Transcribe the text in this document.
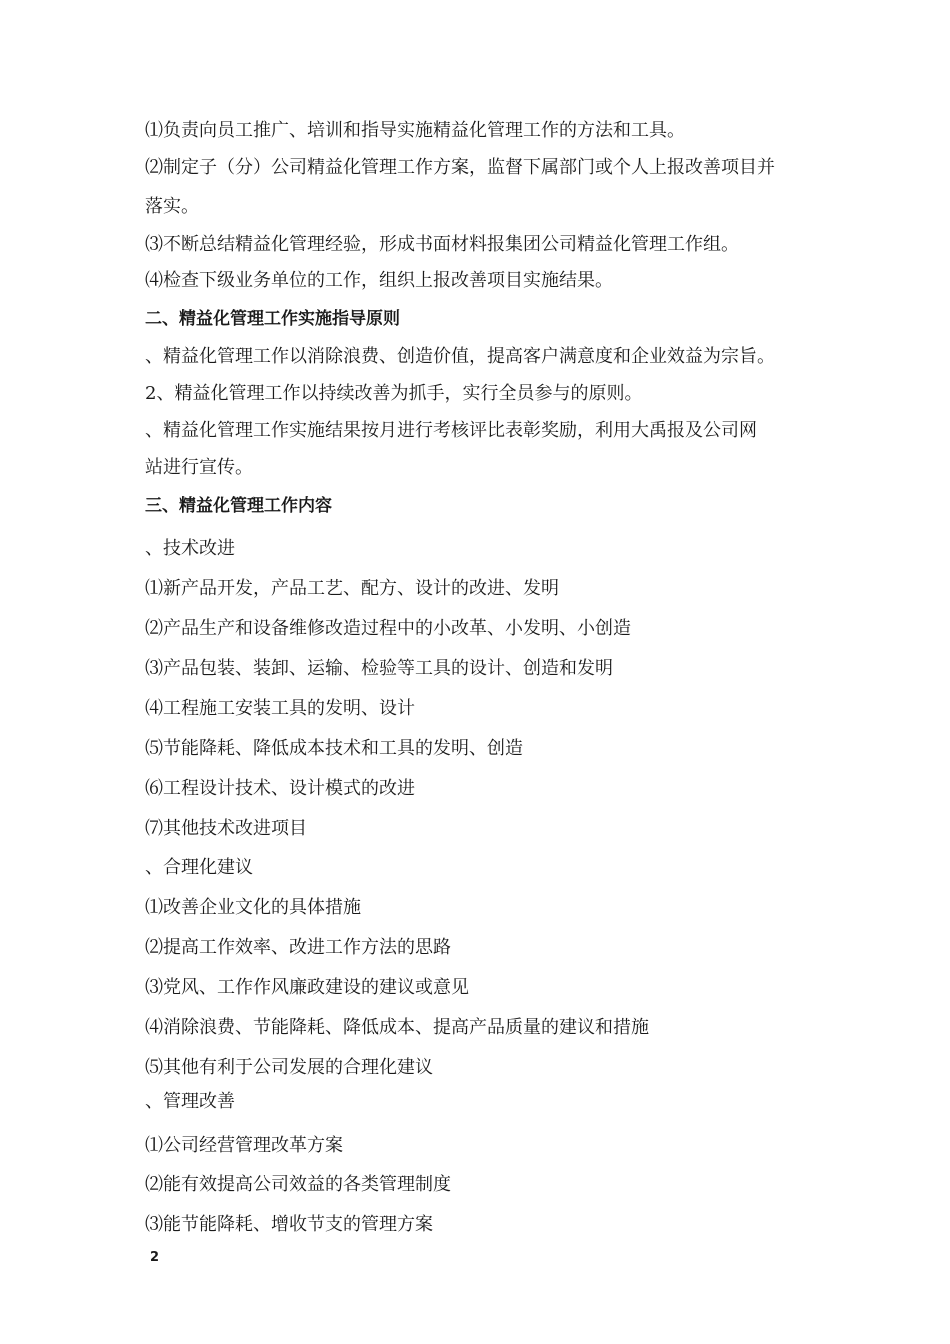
⑴负责向员工推广、培训和指导实施精益化管理工作的方法和工具。
⑵制定子（分）公司精益化管理工作方案，监督下属部门或个人上报改善项目并
落实。
⑶不断总结精益化管理经验，形成书面材料报集团公司精益化管理工作组。
⑷检查下级业务单位的工作，组织上报改善项目实施结果。
二、精益化管理工作实施指导原则
、精益化管理工作以消除浪费、创造价值，提高客户满意度和企业效益为宗旨。
2、精益化管理工作以持续改善为抓手，实行全员参与的原则。
、精益化管理工作实施结果按月进行考核评比表彰奖励，利用大禹报及公司网
站进行宣传。
三、精益化管理工作内容
、技术改进
⑴新产品开发，产品工艺、配方、设计的改进、发明
⑵产品生产和设备维修改造过程中的小改革、小发明、小创造
⑶产品包装、装卸、运输、检验等工具的设计、创造和发明
⑷工程施工安装工具的发明、设计
⑸节能降耗、降低成本技术和工具的发明、创造
⑹工程设计技术、设计模式的改进
⑺其他技术改进项目
、合理化建议
⑴改善企业文化的具体措施
⑵提高工作效率、改进工作方法的思路
⑶党风、工作作风廉政建设的建议或意见
⑷消除浪费、节能降耗、降低成本、提高产品质量的建议和措施
⑸其他有利于公司发展的合理化建议
、管理改善
⑴公司经营管理改革方案
⑵能有效提高公司效益的各类管理制度
⑶能节能降耗、增收节支的管理方案
2
